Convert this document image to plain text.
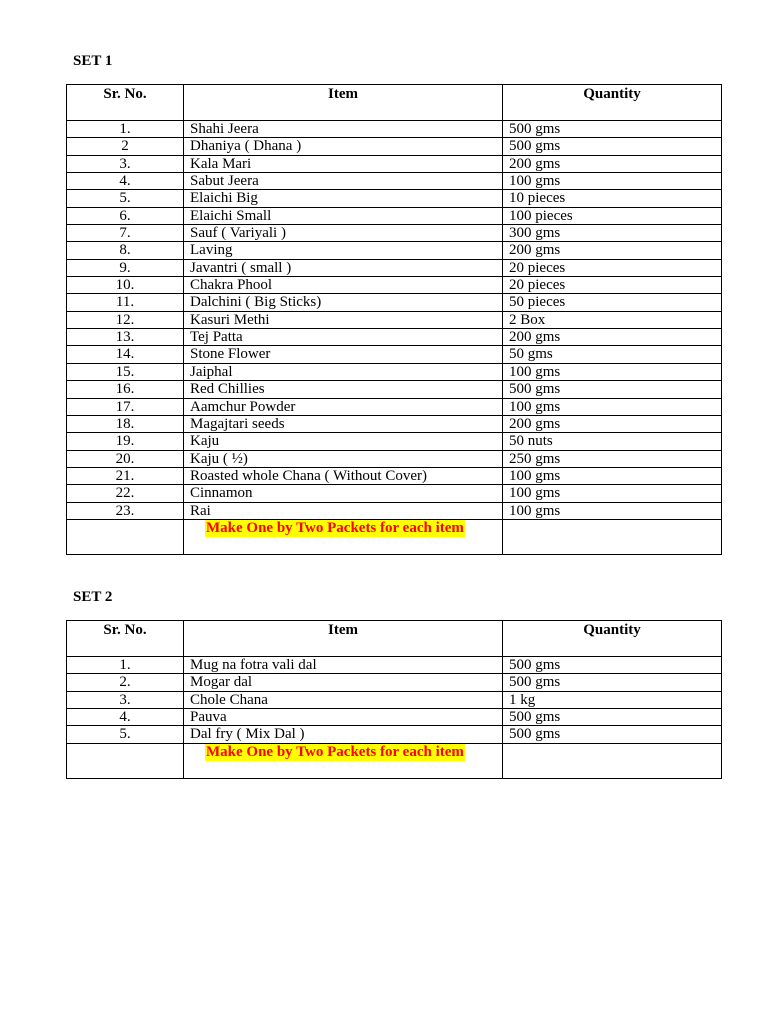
SET 1
Sr. No.	Item	Quantity
1.	Shahi Jeera	500 gms
2	Dhaniya ( Dhana )	500 gms
3.	Kala Mari	200 gms
4.	Sabut Jeera	100 gms
5.	Elaichi Big	10 pieces
6.	Elaichi Small	100 pieces
7.	Sauf ( Variyali )	300 gms
8.	Laving	200 gms
9.	Javantri ( small )	20 pieces
10.	Chakra Phool	20 pieces
11.	Dalchini ( Big Sticks)	50 pieces
12.	Kasuri Methi	2 Box
13.	Tej Patta	200 gms
14.	Stone Flower	50 gms
15.	Jaiphal	100 gms
16.	Red Chillies	500 gms
17.	Aamchur Powder	100 gms
18.	Magajtari seeds	200 gms
19.	Kaju	50 nuts
20.	Kaju ( ½)	250 gms
21.	Roasted whole Chana ( Without Cover)	100 gms
22.	Cinnamon	100 gms
23.	Rai	100 gms
	Make One by Two Packets for each item	
SET 2
Sr. No.	Item	Quantity
1.	Mug na fotra vali dal	500 gms
2.	Mogar dal	500 gms
3.	Chole Chana	1 kg
4.	Pauva	500 gms
5.	Dal fry ( Mix Dal )	500 gms
	Make One by Two Packets for each item	
